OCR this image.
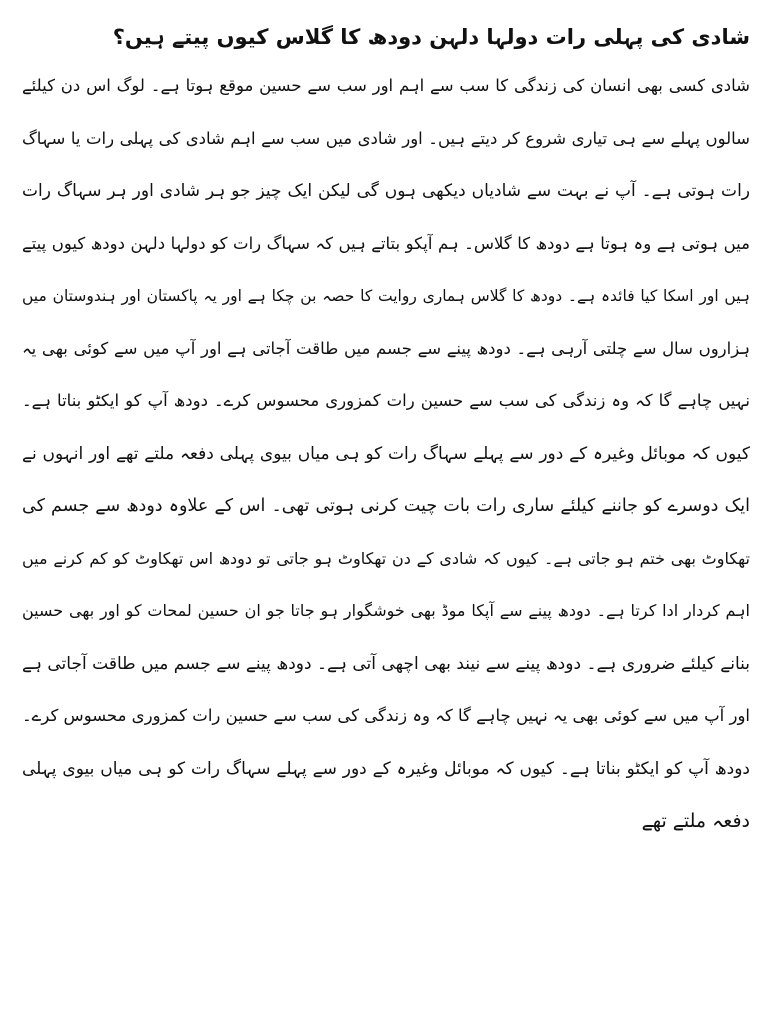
شادی کی پہلی رات دولہا دلہن دودھ کا گلاس کیوں پیتے ہیں؟
شادی کسی بھی انسان کی زندگی کا سب سے اہم اور سب سے حسین موقع ہوتا ہے۔ لوگ اس دن کیلئے
سالوں پہلے سے ہی تیاری شروع کر دیتے ہیں۔ اور شادی میں سب سے اہم شادی کی پہلی رات یا سہاگ
رات ہوتی ہے۔ آپ نے بہت سے شادیاں دیکھی ہوں گی لیکن ایک چیز جو ہر شادی اور ہر سہاگ رات
میں ہوتی ہے وہ ہوتا ہے دودھ کا گلاس۔ ہم آپکو بتاتے ہیں کہ سہاگ رات کو دولہا دلہن دودھ کیوں پیتے
ہیں اور اسکا کیا فائدہ ہے۔ دودھ کا گلاس ہماری روایت کا حصہ بن چکا ہے اور یہ پاکستان اور ہندوستان میں
ہزاروں سال سے چلتی آرہی ہے۔ دودھ پینے سے جسم میں طاقت آجاتی ہے اور آپ میں سے کوئی بھی یہ
نہیں چاہے گا کہ وہ زندگی کی سب سے حسین رات کمزوری محسوس کرے۔ دودھ آپ کو ایکٹو بناتا ہے۔
کیوں کہ موبائل وغیرہ کے دور سے پہلے سہاگ رات کو ہی میاں بیوی پہلی دفعہ ملتے تھے اور انہوں نے
ایک دوسرے کو جاننے کیلئے ساری رات بات چیت کرنی ہوتی تھی۔ اس کے علاوہ دودھ سے جسم کی
تھکاوٹ بھی ختم ہو جاتی ہے۔ کیوں کہ شادی کے دن تھکاوٹ ہو جاتی تو دودھ اس تھکاوٹ کو کم کرنے میں
اہم کردار ادا کرتا ہے۔ دودھ پینے سے آپکا موڈ بھی خوشگوار ہو جاتا جو ان حسین لمحات کو اور بھی حسین
بنانے کیلئے ضروری ہے۔ دودھ پینے سے نیند بھی اچھی آتی ہے۔ دودھ پینے سے جسم میں طاقت آجاتی ہے
اور آپ میں سے کوئی بھی یہ نہیں چاہے گا کہ وہ زندگی کی سب سے حسین رات کمزوری محسوس کرے۔
دودھ آپ کو ایکٹو بناتا ہے۔ کیوں کہ موبائل وغیرہ کے دور سے پہلے سہاگ رات کو ہی میاں بیوی پہلی
دفعہ ملتے تھے
